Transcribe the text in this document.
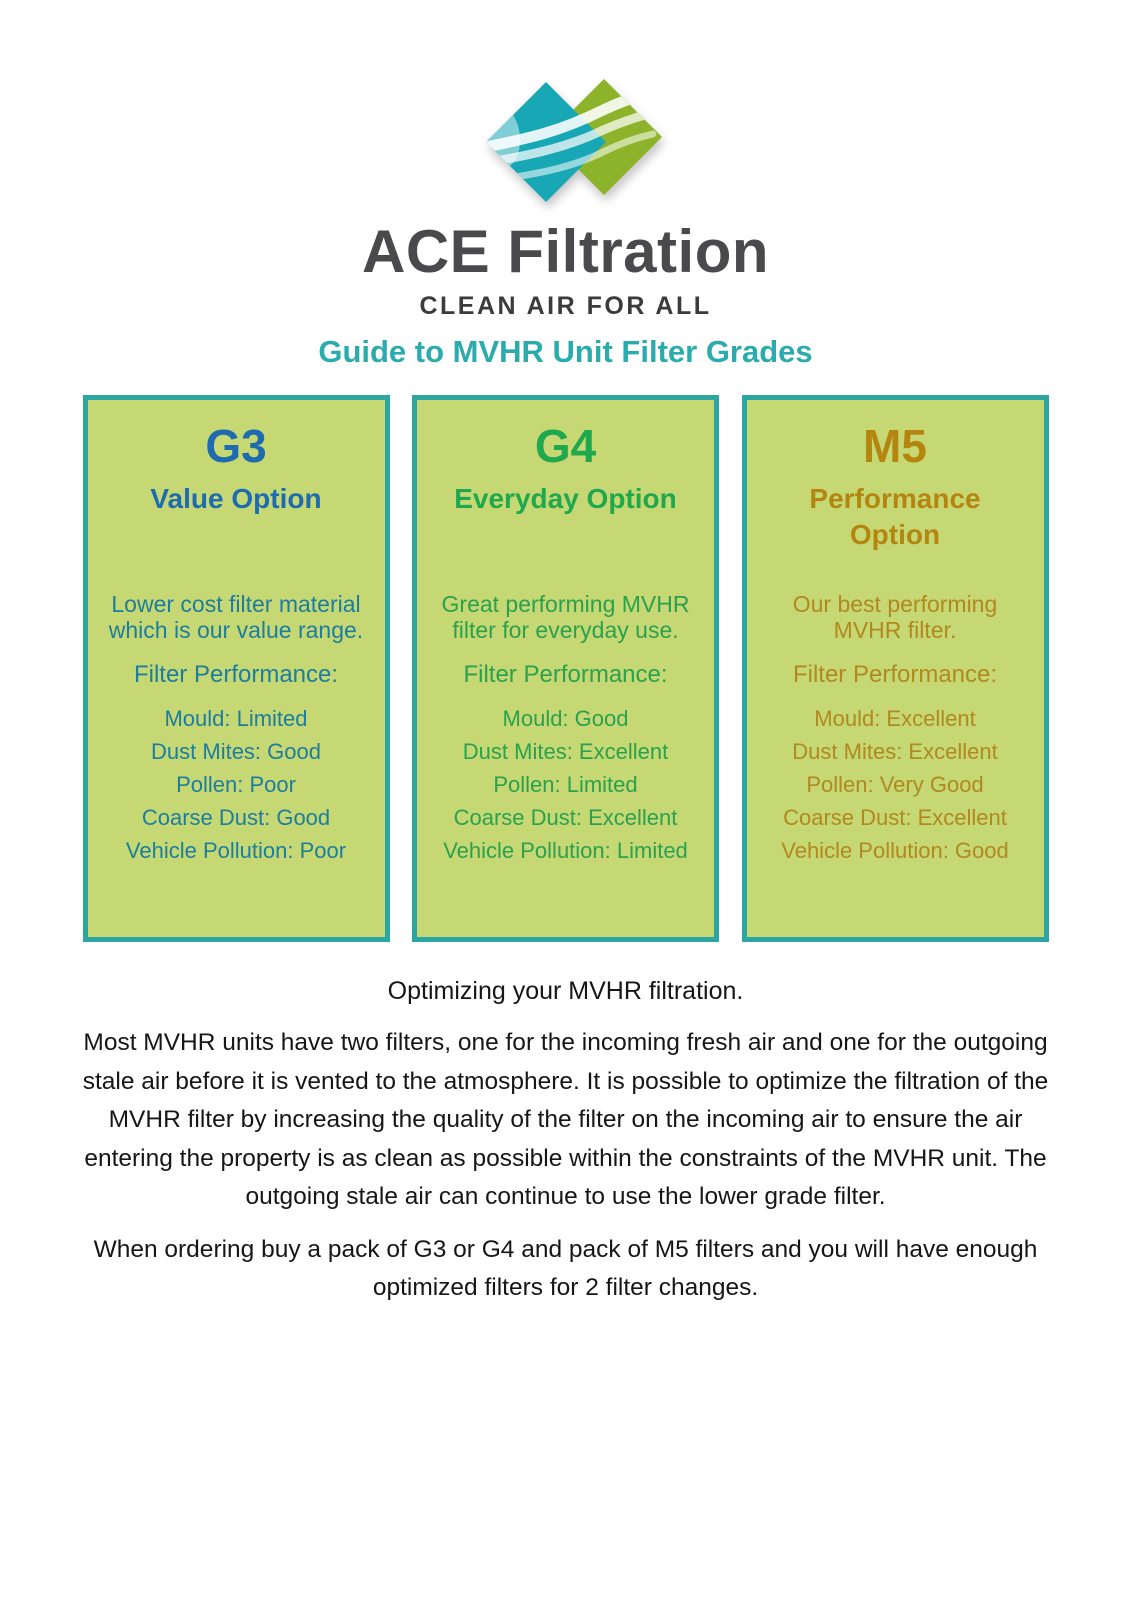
ACE Filtration
CLEAN AIR FOR ALL
Guide to MVHR Unit Filter Grades
G3
Value Option

Lower cost filter material which is our value range.

Filter Performance:

Mould: Limited
Dust Mites: Good
Pollen: Poor
Coarse Dust: Good
Vehicle Pollution: Poor
G4
Everyday Option

Great performing MVHR filter for everyday use.

Filter Performance:

Mould: Good
Dust Mites: Excellent
Pollen: Limited
Coarse Dust: Excellent
Vehicle Pollution: Limited
M5
Performance Option

Our best performing MVHR filter.

Filter Performance:

Mould: Excellent
Dust Mites: Excellent
Pollen: Very Good
Coarse Dust: Excellent
Vehicle Pollution: Good

Optimizing your MVHR filtration.

Most MVHR units have two filters, one for the incoming fresh air and one for the outgoing stale air before it is vented to the atmosphere. It is possible to optimize the filtration of the MVHR filter by increasing the quality of the filter on the incoming air to ensure the air entering the property is as clean as possible within the constraints of the MVHR unit. The outgoing stale air can continue to use the lower grade filter.

When ordering buy a pack of G3 or G4 and pack of M5 filters and you will have enough optimized filters for 2 filter changes.
